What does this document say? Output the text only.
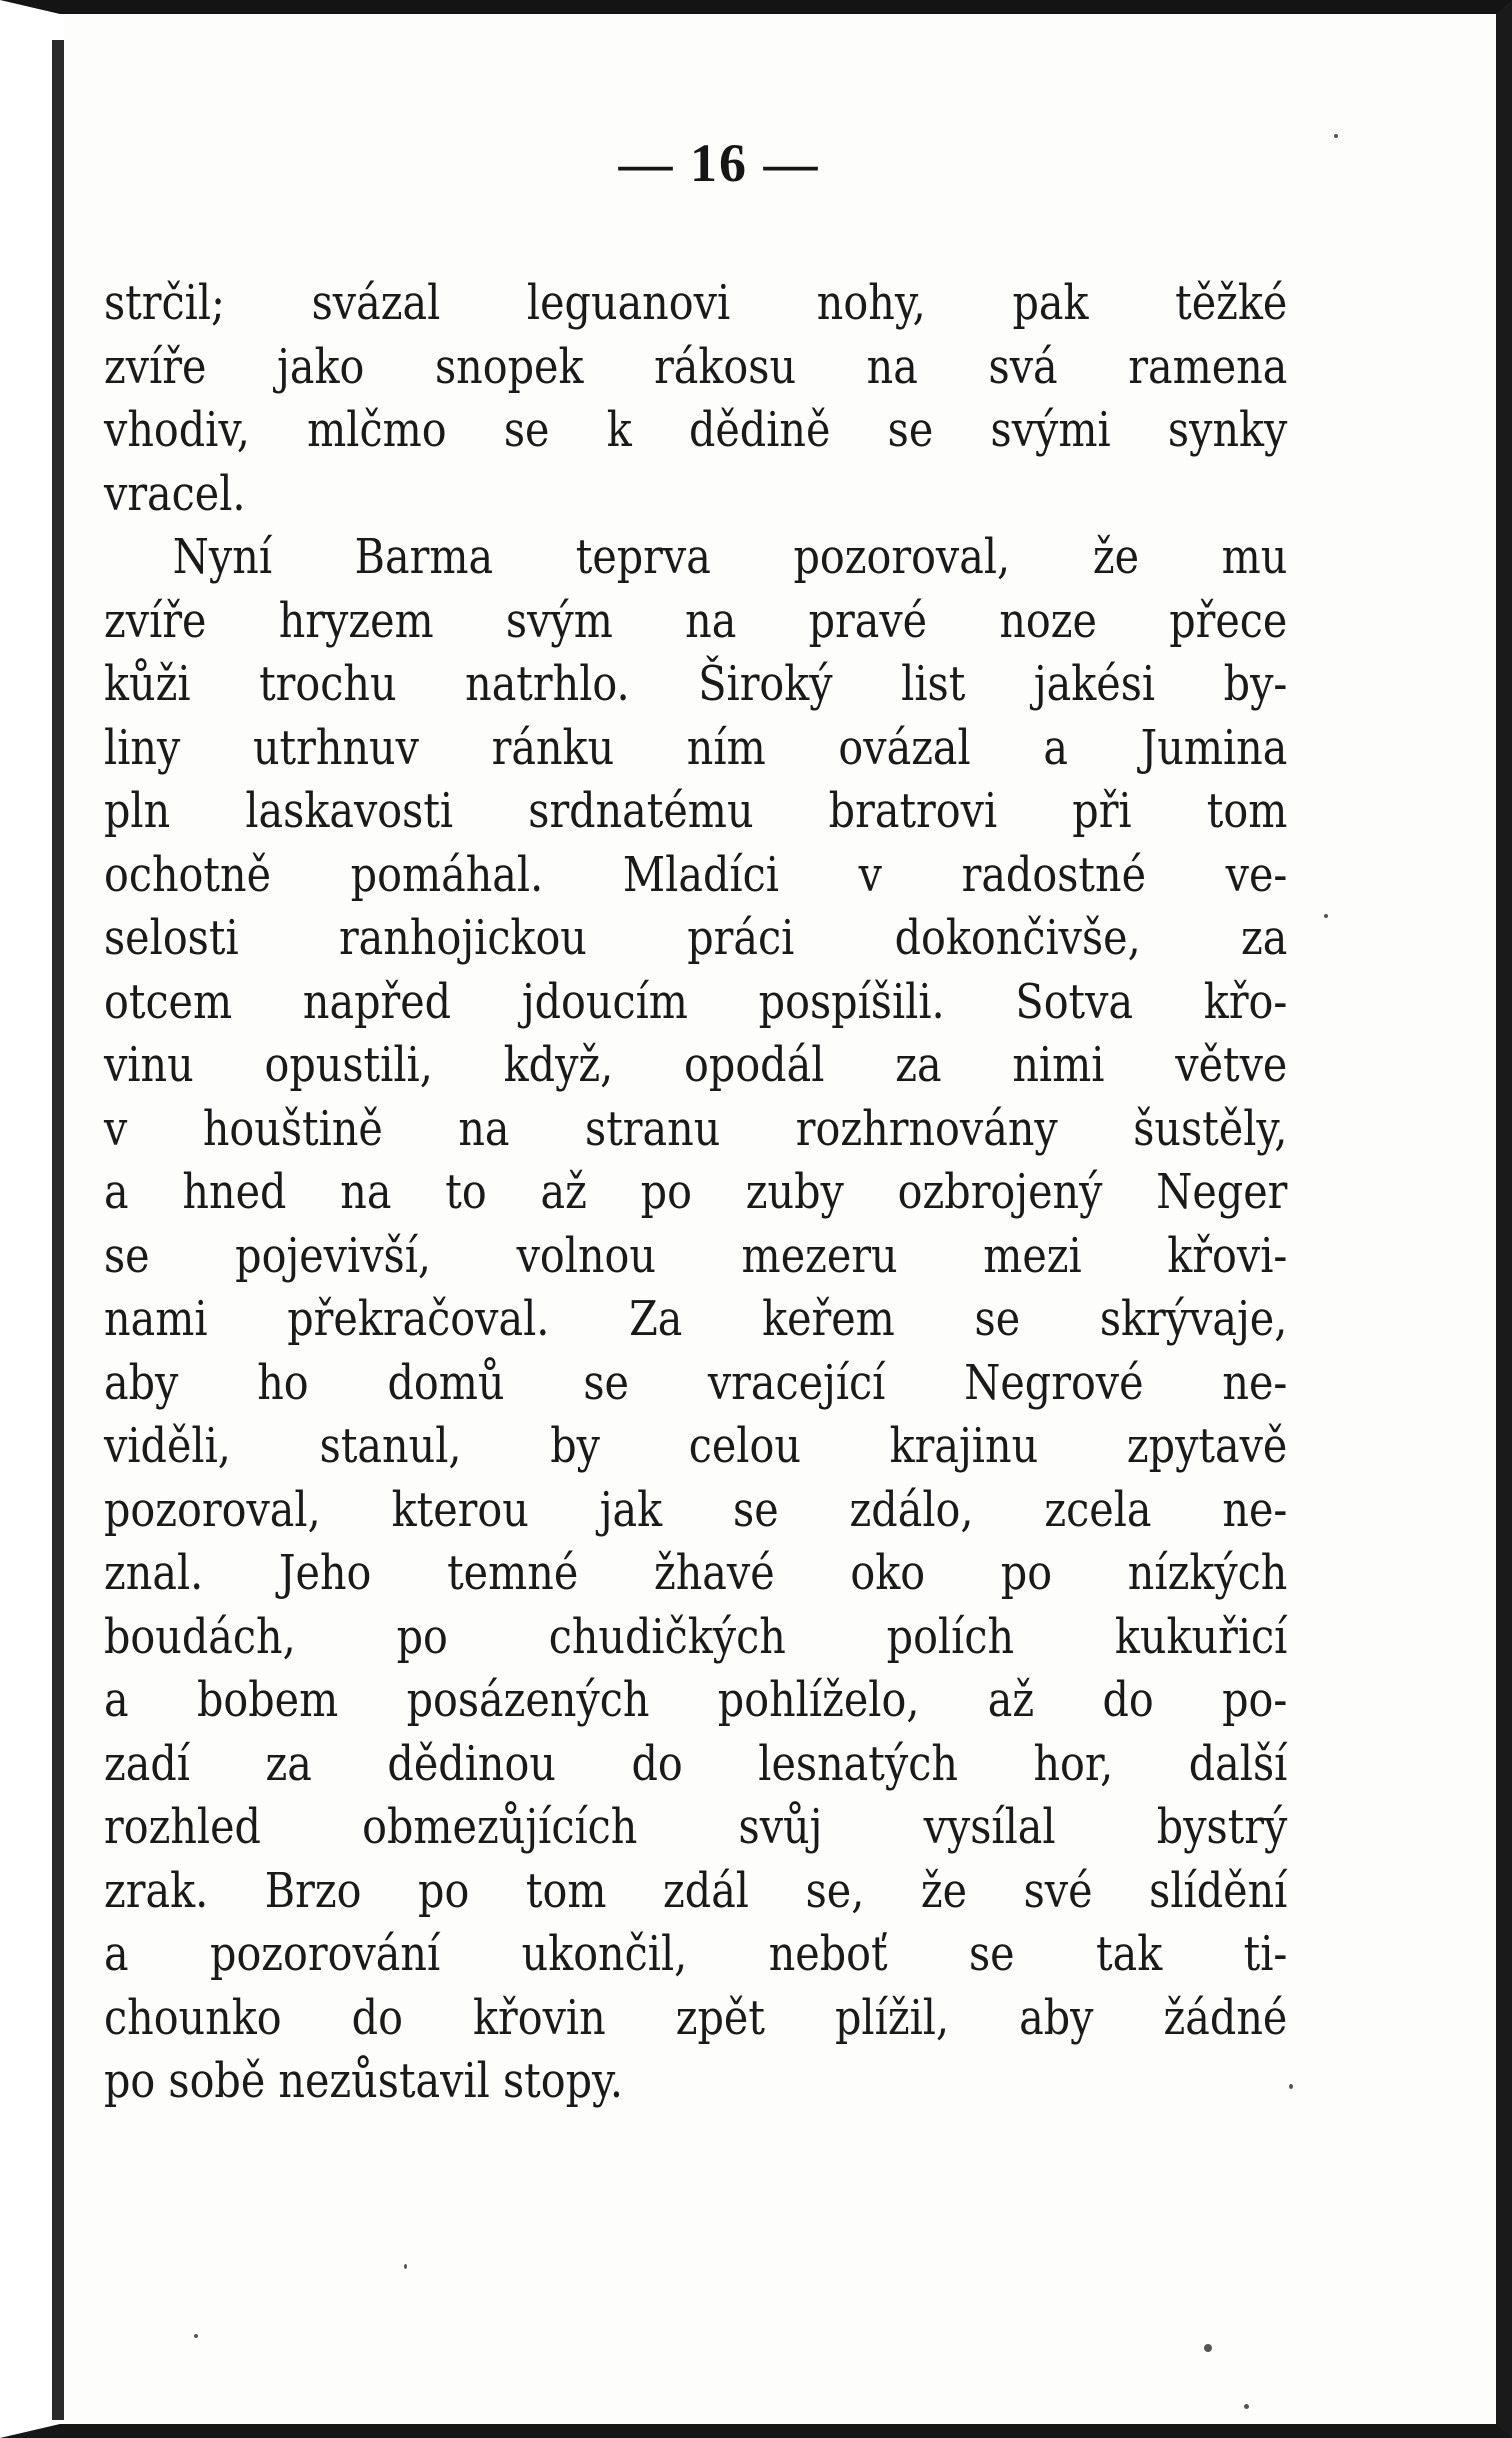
— 16 —
strčil; svázal leguanovi nohy, pak těžké
zvíře jako snopek rákosu na svá ramena
vhodiv, mlčmo se k dědině se svými synky
vracel.
Nyní Barma teprva pozoroval, že mu
zvíře hryzem svým na pravé noze přece
kůži trochu natrhlo. Široký list jakési by-
liny utrhnuv ránku ním ovázal a Jumina
pln laskavosti srdnatému bratrovi při tom
ochotně pomáhal. Mladíci v radostné ve-
selosti ranhojickou práci dokončivše, za
otcem napřed jdoucím pospíšili. Sotva křo-
vinu opustili, když, opodál za nimi větve
v houštině na stranu rozhrnovány šustěly,
a hned na to až po zuby ozbrojený Neger
se pojevivší, volnou mezeru mezi křovi-
nami překračoval. Za keřem se skrývaje,
aby ho domů se vracející Negrové ne-
viděli, stanul, by celou krajinu zpytavě
pozoroval, kterou jak se zdálo, zcela ne-
znal. Jeho temné žhavé oko po nízkých
boudách, po chudičkých polích kukuřicí
a bobem posázených pohlíželo, až do po-
zadí za dědinou do lesnatých hor, další
rozhled obmezůjících svůj vysílal bystrý
zrak. Brzo po tom zdál se, že své slídění
a pozorování ukončil, neboť se tak ti-
chounko do křovin zpět plížil, aby žádné
po sobě nezůstavil stopy.
